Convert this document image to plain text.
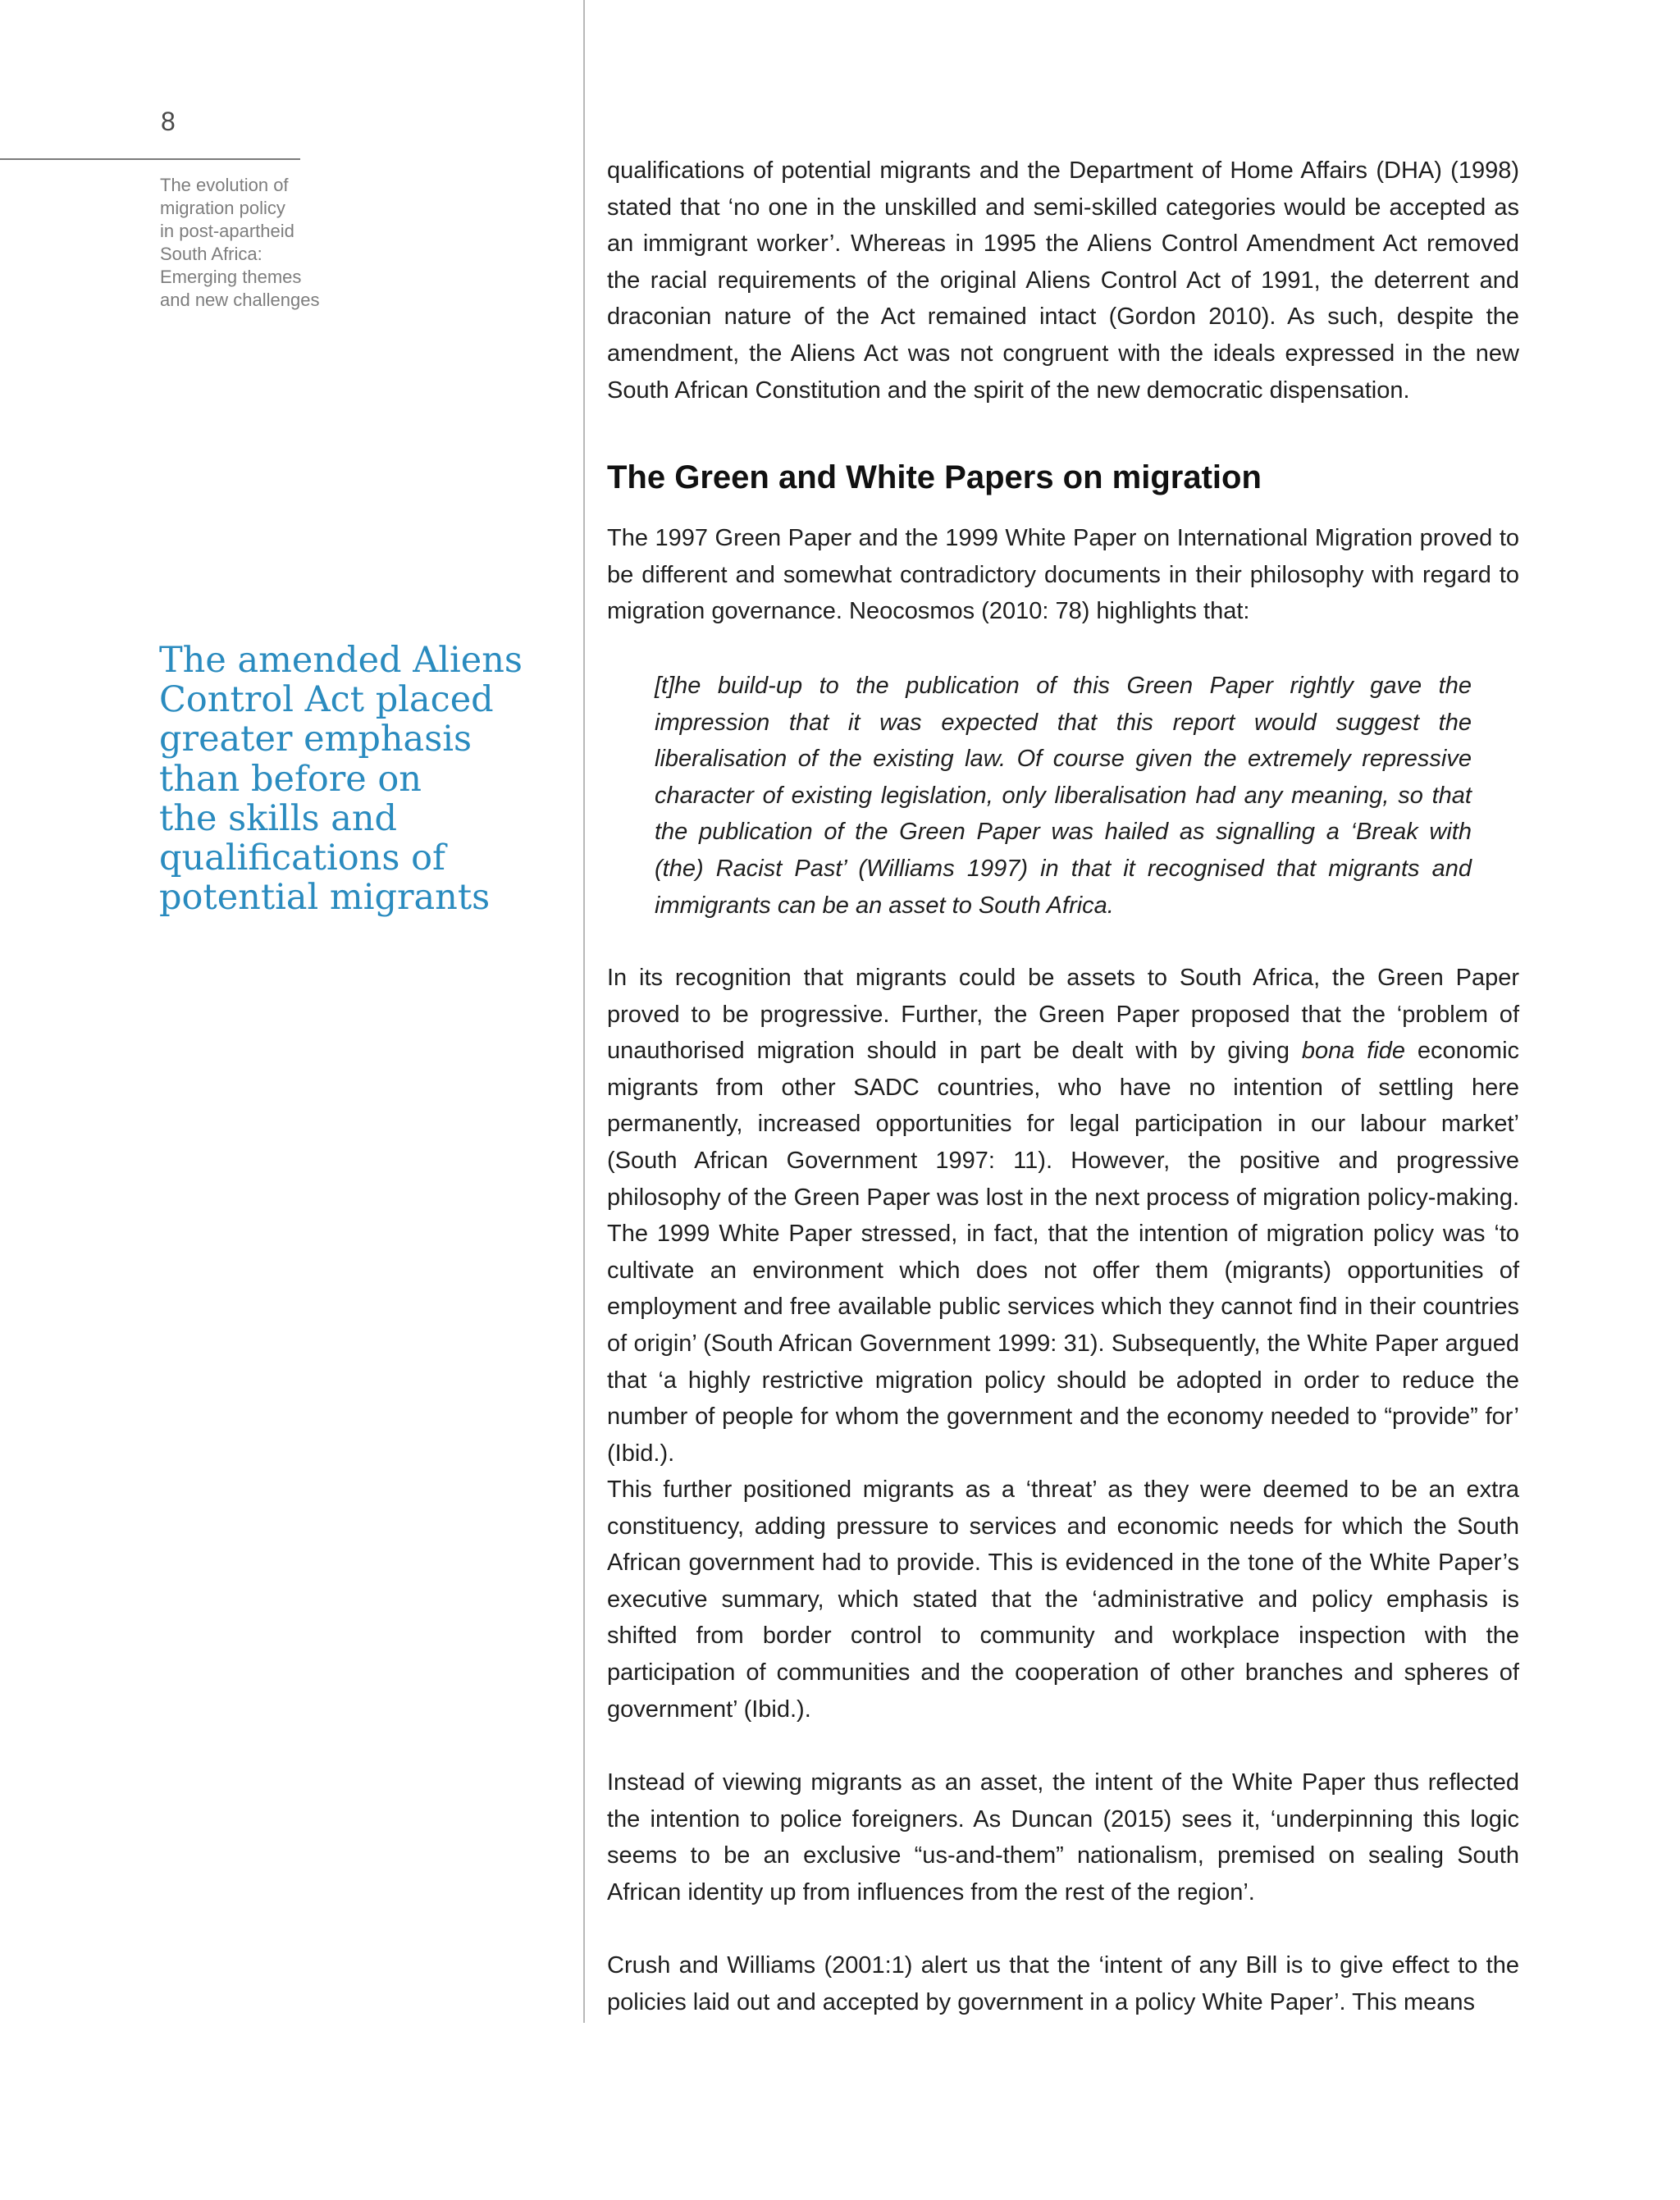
8
The evolution of
migration policy
in post-apartheid
South Africa:
Emerging themes
and new challenges
The amended Aliens
Control Act placed
greater emphasis
than before on
the skills and
qualifications of
potential migrants

qualifications of potential migrants and the Department of Home Affairs (DHA) (1998) stated that ‘no one in the unskilled and semi-skilled categories would be accepted as an immigrant worker’. Whereas in 1995 the Aliens Control Amendment Act removed the racial requirements of the original Aliens Control Act of 1991, the deterrent and draconian nature of the Act remained intact (Gordon 2010). As such, despite the amendment, the Aliens Act was not congruent with the ideals expressed in the new South African Constitution and the spirit of the new democratic dispensation.

The Green and White Papers on migration

The 1997 Green Paper and the 1999 White Paper on International Migration proved to be different and somewhat contradictory documents in their philosophy with regard to migration governance. Neocosmos (2010: 78) highlights that:

[t]he build-up to the publication of this Green Paper rightly gave the impression that it was expected that this report would suggest the liberalisation of the existing law. Of course given the extremely repressive character of existing legislation, only liberalisation had any meaning, so that the publication of the Green Paper was hailed as signalling a ‘Break with (the) Racist Past’ (Williams 1997) in that it recognised that migrants and immigrants can be an asset to South Africa.

In its recognition that migrants could be assets to South Africa, the Green Paper proved to be progressive. Further, the Green Paper proposed that the ‘problem of unauthorised migration should in part be dealt with by giving bona fide economic migrants from other SADC countries, who have no intention of settling here permanently, increased opportunities for legal participation in our labour market’ (South African Government 1997: 11). However, the positive and progressive philosophy of the Green Paper was lost in the next process of migration policy-making. The 1999 White Paper stressed, in fact, that the intention of migration policy was ‘to cultivate an environment which does not offer them (migrants) opportunities of employment and free available public services which they cannot find in their countries of origin’ (South African Government 1999: 31). Subsequently, the White Paper argued that ‘a highly restrictive migration policy should be adopted in order to reduce the number of people for whom the government and the economy needed to “provide” for’ (Ibid.).

This further positioned migrants as a ‘threat’ as they were deemed to be an extra constituency, adding pressure to services and economic needs for which the South African government had to provide. This is evidenced in the tone of the White Paper’s executive summary, which stated that the ‘administrative and policy emphasis is shifted from border control to community and workplace inspection with the participation of communities and the cooperation of other branches and spheres of government’ (Ibid.).

Instead of viewing migrants as an asset, the intent of the White Paper thus reflected the intention to police foreigners. As Duncan (2015) sees it, ‘underpinning this logic seems to be an exclusive “us-and-them” nationalism, premised on sealing South African identity up from influences from the rest of the region’.

Crush and Williams (2001:1) alert us that the ‘intent of any Bill is to give effect to the policies laid out and accepted by government in a policy White Paper’. This means
